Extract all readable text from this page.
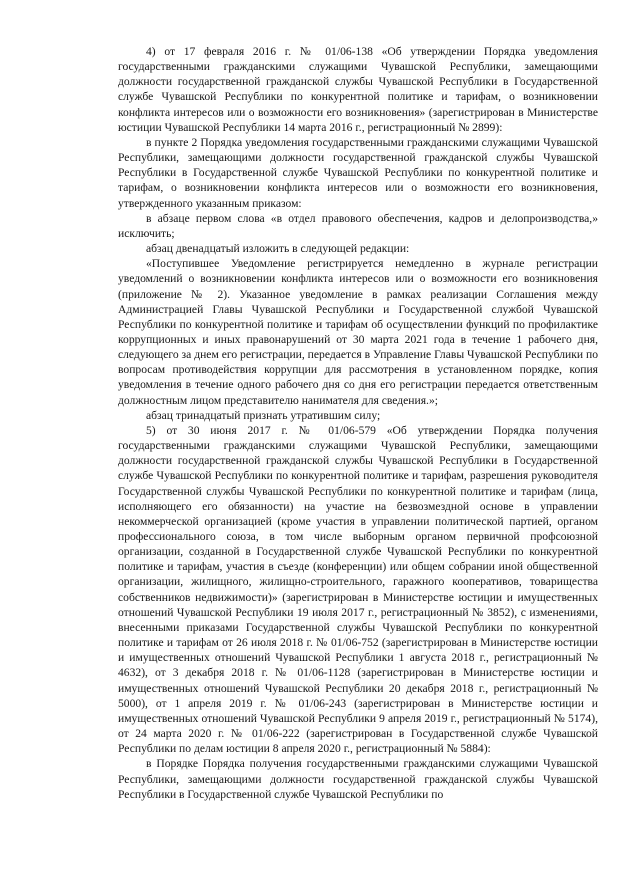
4) от 17 февраля 2016 г. № 01/06-138 «Об утверждении Порядка уведомления государственными гражданскими служащими Чувашской Республики, замещающими должности государственной гражданской службы Чувашской Республики в Государственной службе Чувашской Республики по конкурентной политике и тарифам, о возникновении конфликта интересов или о возможности его возникновения» (зарегистрирован в Министерстве юстиции Чувашской Республики 14 марта 2016 г., регистрационный № 2899):

в пункте 2 Порядка уведомления государственными гражданскими служащими Чувашской Республики, замещающими должности государственной гражданской службы Чувашской Республики в Государственной службе Чувашской Республики по конкурентной политике и тарифам, о возникновении конфликта интересов или о возможности его возникновения, утвержденного указанным приказом:

в абзаце первом слова «в отдел правового обеспечения, кадров и делопроизводства,» исключить;

абзац двенадцатый изложить в следующей редакции:

«Поступившее Уведомление регистрируется немедленно в журнале регистрации уведомлений о возникновении конфликта интересов или о возможности его возникновения (приложение № 2). Указанное уведомление в рамках реализации Соглашения между Администрацией Главы Чувашской Республики и Государственной службой Чувашской Республики по конкурентной политике и тарифам об осуществлении функций по профилактике коррупционных и иных правонарушений от 30 марта 2021 года в течение 1 рабочего дня, следующего за днем его регистрации, передается в Управление Главы Чувашской Республики по вопросам противодействия коррупции для рассмотрения в установленном порядке, копия уведомления в течение одного рабочего дня со дня его регистрации передается ответственным должностным лицом представителю нанимателя для сведения.»;

абзац тринадцатый признать утратившим силу;

5) от 30 июня 2017 г. № 01/06-579 «Об утверждении Порядка получения государственными гражданскими служащими Чувашской Республики, замещающими должности государственной гражданской службы Чувашской Республики в Государственной службе Чувашской Республики по конкурентной политике и тарифам, разрешения руководителя Государственной службы Чувашской Республики по конкурентной политике и тарифам (лица, исполняющего его обязанности) на участие на безвозмездной основе в управлении некоммерческой организацией (кроме участия в управлении политической партией, органом профессионального союза, в том числе выборным органом первичной профсоюзной организации, созданной в Государственной службе Чувашской Республики по конкурентной политике и тарифам, участия в съезде (конференции) или общем собрании иной общественной организации, жилищного, жилищно-строительного, гаражного кооперативов, товарищества собственников недвижимости)» (зарегистрирован в Министерстве юстиции и имущественных отношений Чувашской Республики 19 июля 2017 г., регистрационный № 3852), с изменениями, внесенными приказами Государственной службы Чувашской Республики по конкурентной политике и тарифам от 26 июля 2018 г. № 01/06-752 (зарегистрирован в Министерстве юстиции и имущественных отношений Чувашской Республики 1 августа 2018 г., регистрационный № 4632), от 3 декабря 2018 г. № 01/06-1128 (зарегистрирован в Министерстве юстиции и имущественных отношений Чувашской Республики 20 декабря 2018 г., регистрационный № 5000), от 1 апреля 2019 г. № 01/06-243 (зарегистрирован в Министерстве юстиции и имущественных отношений Чувашской Республики 9 апреля 2019 г., регистрационный № 5174), от 24 марта 2020 г. № 01/06-222 (зарегистрирован в Государственной службе Чувашской Республики по делам юстиции 8 апреля 2020 г., регистрационный № 5884):

в Порядке Порядка получения государственными гражданскими служащими Чувашской Республики, замещающими должности государственной гражданской службы Чувашской Республики в Государственной службе Чувашской Республики по
